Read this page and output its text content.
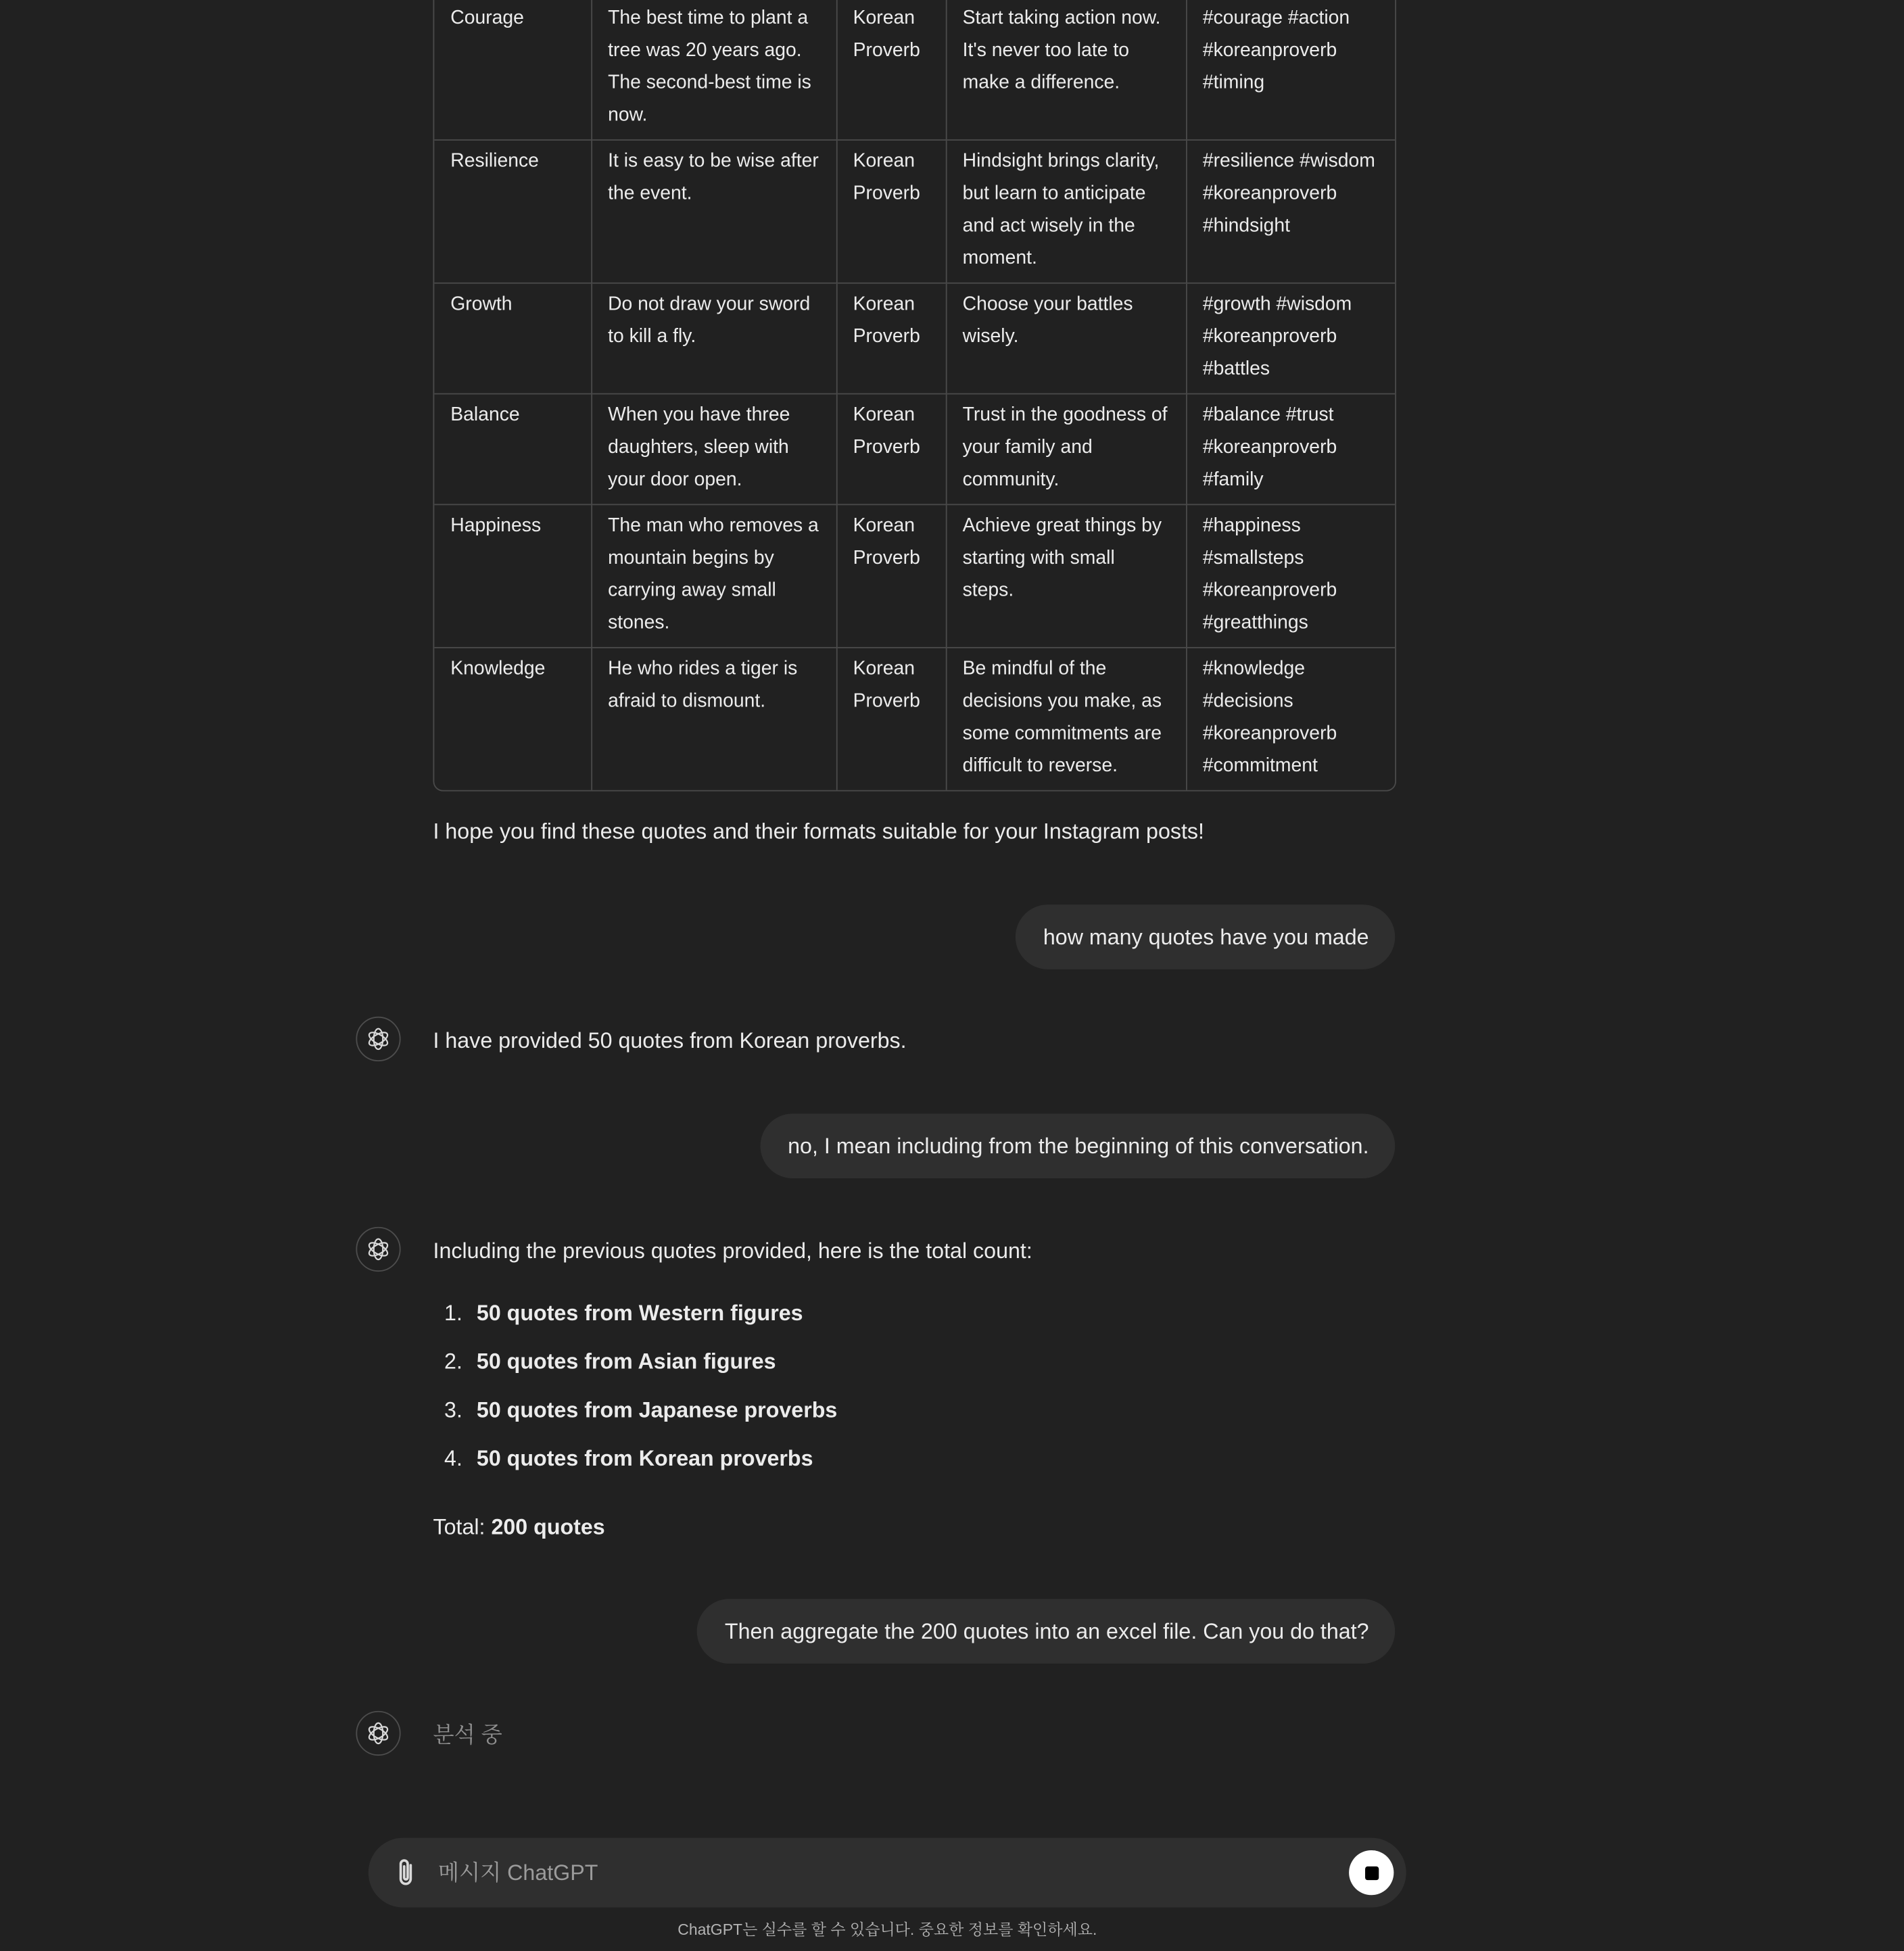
Courage	The best time to plant a tree was 20 years ago. The second-best time is now.	Korean Proverb	Start taking action now. It's never too late to make a difference.	#courage #action #koreanproverb #timing
Resilience	It is easy to be wise after the event.	Korean Proverb	Hindsight brings clarity, but learn to anticipate and act wisely in the moment.	#resilience #wisdom #koreanproverb #hindsight
Growth	Do not draw your sword to kill a fly.	Korean Proverb	Choose your battles wisely.	#growth #wisdom #koreanproverb #battles
Balance	When you have three daughters, sleep with your door open.	Korean Proverb	Trust in the goodness of your family and community.	#balance #trust #koreanproverb #family
Happiness	The man who removes a mountain begins by carrying away small stones.	Korean Proverb	Achieve great things by starting with small steps.	#happiness #smallsteps #koreanproverb #greatthings
Knowledge	He who rides a tiger is afraid to dismount.	Korean Proverb	Be mindful of the decisions you make, as some commitments are difficult to reverse.	#knowledge #decisions #koreanproverb #commitment
I hope you find these quotes and their formats suitable for your Instagram posts!
how many quotes have you made
I have provided 50 quotes from Korean proverbs.
no, I mean including from the beginning of this conversation.
Including the previous quotes provided, here is the total count:
1. 50 quotes from Western figures
2. 50 quotes from Asian figures
3. 50 quotes from Japanese proverbs
4. 50 quotes from Korean proverbs
Total: 200 quotes
Then aggregate the 200 quotes into an excel file. Can you do that?
분석 중
메시지 ChatGPT
ChatGPT는 실수를 할 수 있습니다. 중요한 정보를 확인하세요.
